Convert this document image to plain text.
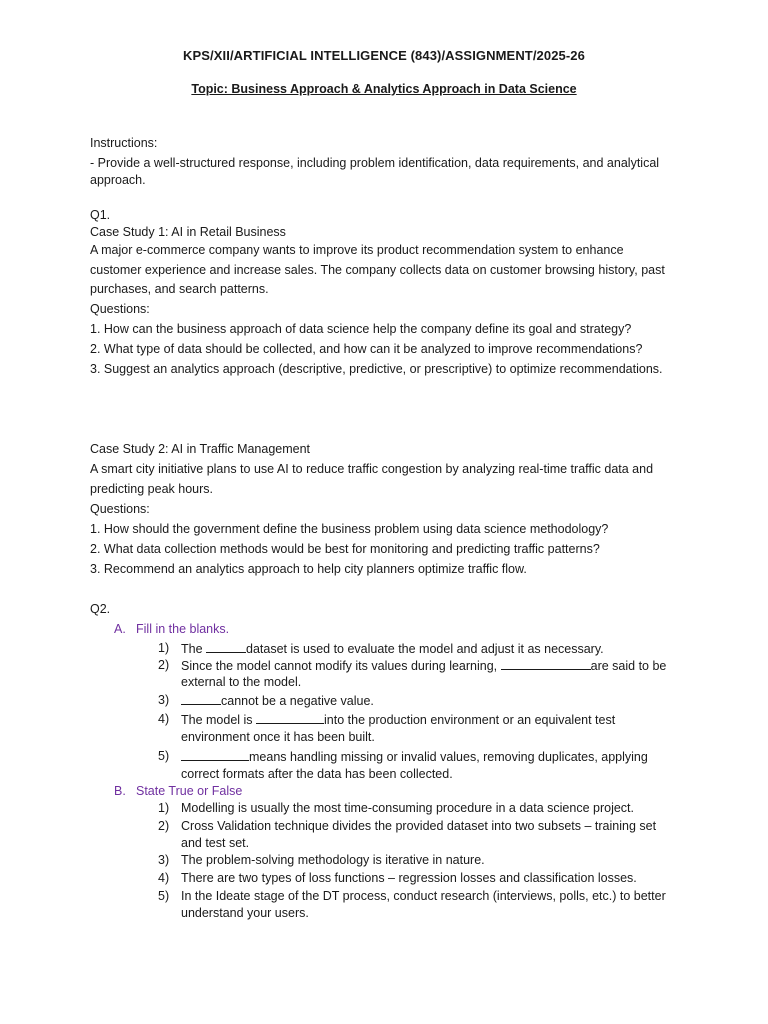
KPS/XII/ARTIFICIAL INTELLIGENCE (843)/ASSIGNMENT/2025-26
Topic: Business Approach & Analytics Approach in Data Science
Instructions:
- Provide a well-structured response, including problem identification, data requirements, and analytical
approach.
Q1.
Case Study 1: AI in Retail Business
A major e-commerce company wants to improve its product recommendation system to enhance
customer experience and increase sales. The company collects data on customer browsing history, past
purchases, and search patterns.
Questions:
1. How can the business approach of data science help the company define its goal and strategy?
2. What type of data should be collected, and how can it be analyzed to improve recommendations?
3. Suggest an analytics approach (descriptive, predictive, or prescriptive) to optimize recommendations.
Case Study 2: AI in Traffic Management
A smart city initiative plans to use AI to reduce traffic congestion by analyzing real-time traffic data and
predicting peak hours.
Questions:
1. How should the government define the business problem using data science methodology?
2. What data collection methods would be best for monitoring and predicting traffic patterns?
3. Recommend an analytics approach to help city planners optimize traffic flow.
Q2.
A. Fill in the blanks.
1) The	dataset is used to evaluate the model and adjust it as necessary.
2) Since the model cannot modify its values during learning,	are said to be
external to the model.
3)	cannot be a negative value.
4) The model is	into the production environment or an equivalent test
environment once it has been built.
5)	means handling missing or invalid values, removing duplicates, applying
correct formats after the data has been collected.
B. State True or False
1) Modelling is usually the most time-consuming procedure in a data science project.
2) Cross Validation technique divides the provided dataset into two subsets – training set
and test set.
3) The problem-solving methodology is iterative in nature.
4) There are two types of loss functions – regression losses and classification losses.
5) In the Ideate stage of the DT process, conduct research (interviews, polls, etc.) to better
understand your users.
